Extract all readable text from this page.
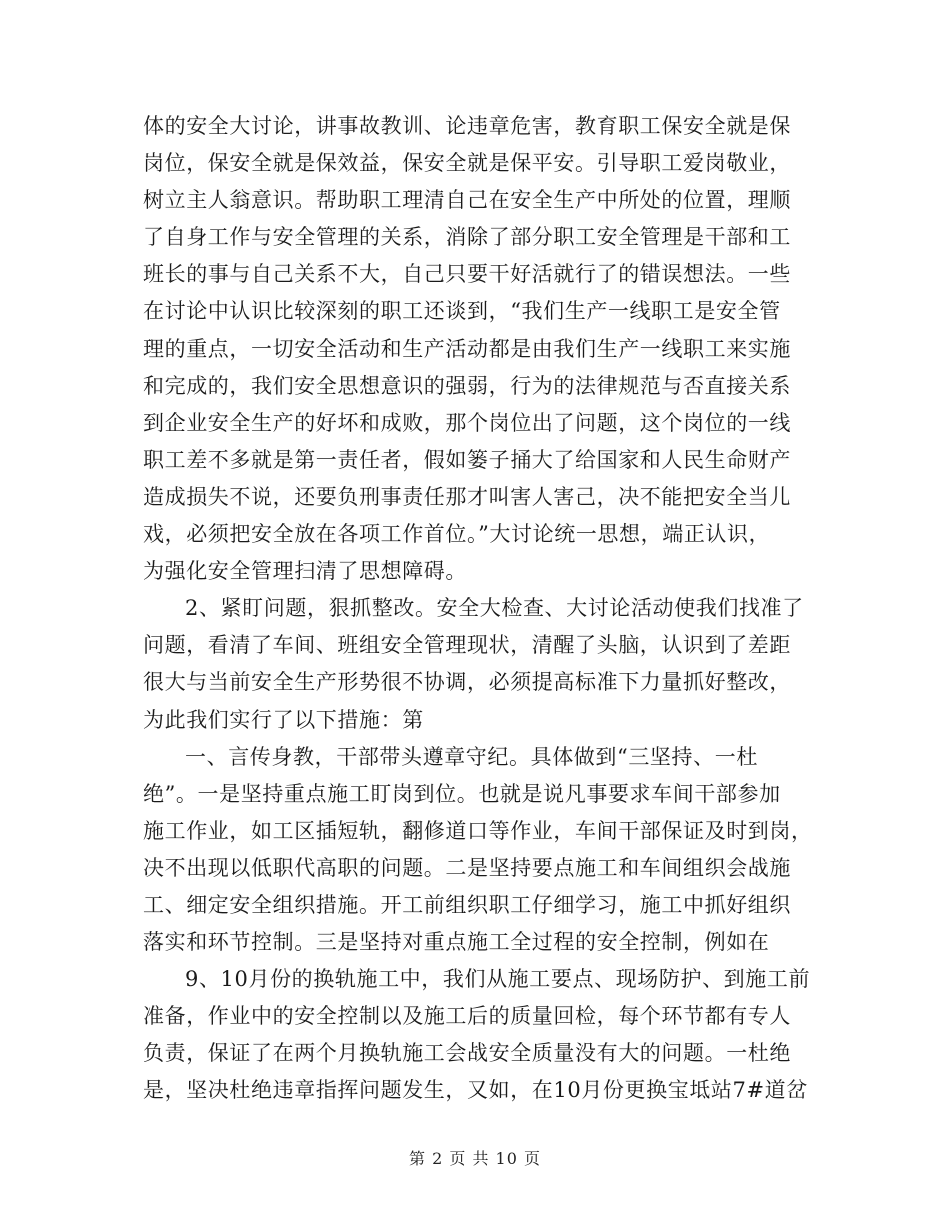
体的安全大讨论，讲事故教训、论违章危害，教育职工保安全就是保
岗位，保安全就是保效益，保安全就是保平安。引导职工爱岗敬业，
树立主人翁意识。帮助职工理清自己在安全生产中所处的位置，理顺
了自身工作与安全管理的关系，消除了部分职工安全管理是干部和工
班长的事与自己关系不大，自己只要干好活就行了的错误想法。一些
在讨论中认识比较深刻的职工还谈到，“我们生产一线职工是安全管
理的重点，一切安全活动和生产活动都是由我们生产一线职工来实施
和完成的，我们安全思想意识的强弱，行为的法律规范与否直接关系
到企业安全生产的好坏和成败，那个岗位出了问题，这个岗位的一线
职工差不多就是第一责任者，假如篓子捅大了给国家和人民生命财产
造成损失不说，还要负刑事责任那才叫害人害己，决不能把安全当儿
戏，必须把安全放在各项工作首位。”大讨论统一思想，端正认识，
为强化安全管理扫清了思想障碍。
2、紧盯问题，狠抓整改。安全大检查、大讨论活动使我们找准了
问题，看清了车间、班组安全管理现状，清醒了头脑，认识到了差距
很大与当前安全生产形势很不协调，必须提高标准下力量抓好整改，
为此我们实行了以下措施：第
一、言传身教，干部带头遵章守纪。具体做到“三坚持、一杜
绝”。一是坚持重点施工盯岗到位。也就是说凡事要求车间干部参加
施工作业，如工区插短轨，翻修道口等作业，车间干部保证及时到岗，
决不出现以低职代高职的问题。二是坚持要点施工和车间组织会战施
工、细定安全组织措施。开工前组织职工仔细学习，施工中抓好组织
落实和环节控制。三是坚持对重点施工全过程的安全控制，例如在
9、10月份的换轨施工中，我们从施工要点、现场防护、到施工前
准备，作业中的安全控制以及施工后的质量回检，每个环节都有专人
负责，保证了在两个月换轨施工会战安全质量没有大的问题。一杜绝
是，坚决杜绝违章指挥问题发生，又如，在10月份更换宝坻站7#道岔
第 2 页 共 10 页
